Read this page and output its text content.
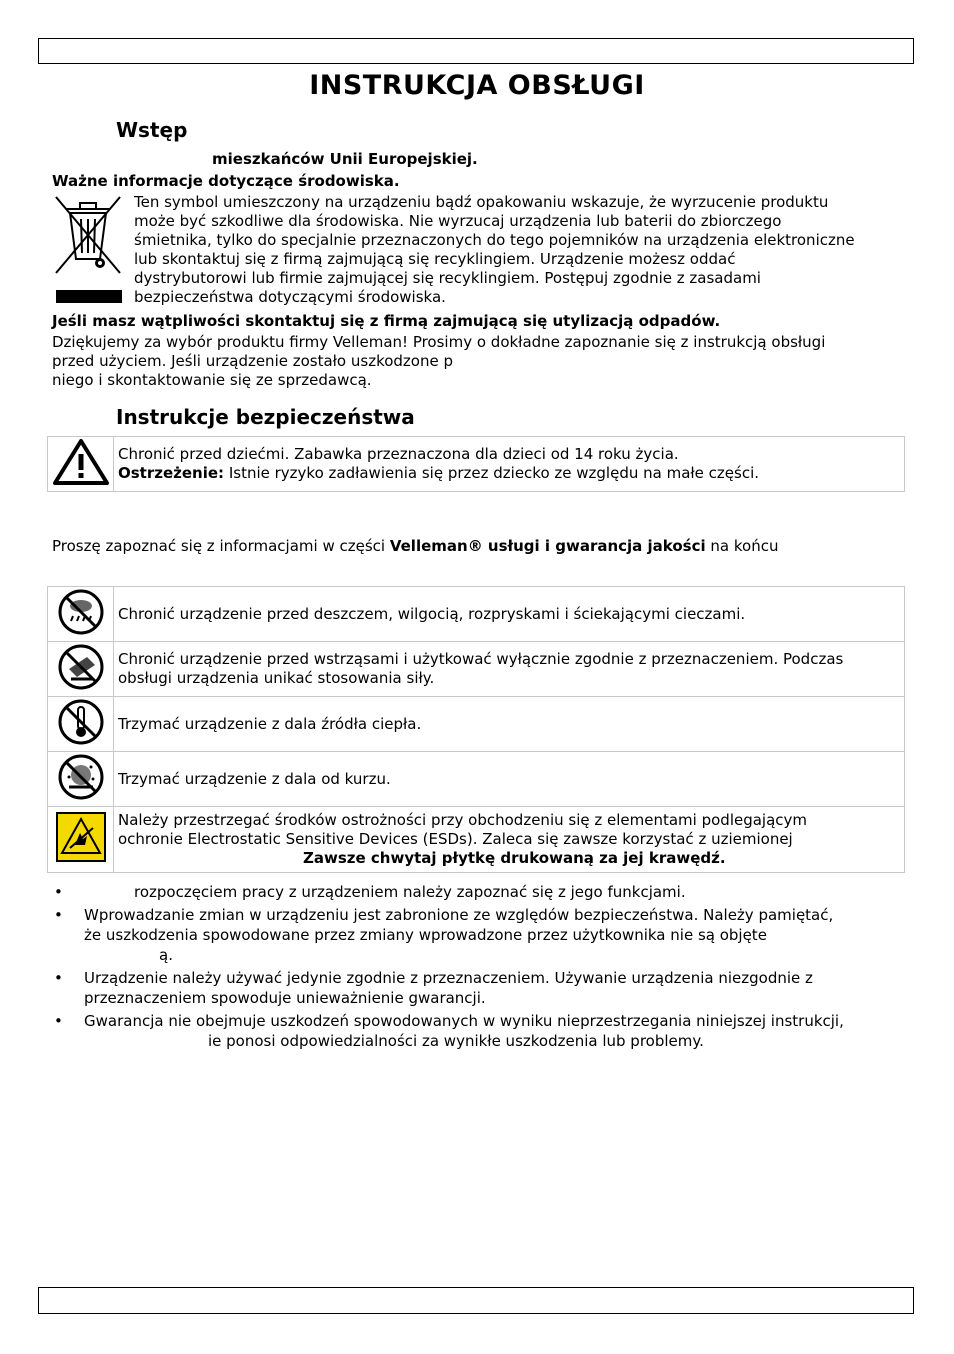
INSTRUKCJA OBSŁUGI
Wstęp
mieszkańców Unii Europejskiej.
Ważne informacje dotyczące środowiska.
Ten symbol umieszczony na urządzeniu bądź opakowaniu wskazuje, że wyrzucenie produktu
może być szkodliwe dla środowiska. Nie wyrzucaj urządzenia lub baterii do zbiorczego
śmietnika, tylko do specjalnie przeznaczonych do tego pojemników na urządzenia elektroniczne
lub skontaktuj się z firmą zajmującą się recyklingiem. Urządzenie możesz oddać
dystrybutorowi lub firmie zajmującej się recyklingiem. Postępuj zgodnie z zasadami
bezpieczeństwa dotyczącymi środowiska.
Jeśli masz wątpliwości skontaktuj się z firmą zajmującą się utylizacją odpadów.
Dziękujemy za wybór produktu firmy Velleman! Prosimy o dokładne zapoznanie się z instrukcją obsługi
przed użyciem. Jeśli urządzenie zostało uszkodzone p
niego i skontaktowanie się ze sprzedawcą.
Instrukcje bezpieczeństwa

Chronić przed dziećmi. Zabawka przeznaczona dla dzieci od 14 roku życia.
Ostrzeżenie: Istnie ryzyko zadławienia się przez dziecko ze względu na małe części.
Proszę zapoznać się z informacjami w części Velleman® usługi i gwarancja jakości na końcu

Chronić urządzenie przed deszczem, wilgocią, rozpryskami i ściekającymi cieczami.

Chronić urządzenie przed wstrząsami i użytkować wyłącznie zgodnie z przeznaczeniem. Podczas
obsługi urządzenia unikać stosowania siły.

Trzymać urządzenie z dala źródła ciepła.

Trzymać urządzenie z dala od kurzu.

Należy przestrzegać środków ostrożności przy obchodzeniu się z elementami podlegającym
ochronie Electrostatic Sensitive Devices (ESDs). Zaleca się zawsze korzystać z uziemionej
Zawsze chwytaj płytkę drukowaną za jej krawędź.
•	rozpoczęciem pracy z urządzeniem należy zapoznać się z jego funkcjami.
• Wprowadzanie zmian w urządzeniu jest zabronione ze względów bezpieczeństwa. Należy pamiętać,
że uszkodzenia spowodowane przez zmiany wprowadzone przez użytkownika nie są objęte
ą.
• Urządzenie należy używać jedynie zgodnie z przeznaczeniem. Używanie urządzenia niezgodnie z
przeznaczeniem spowoduje unieważnienie gwarancji.
• Gwarancja nie obejmuje uszkodzeń spowodowanych w wyniku nieprzestrzegania niniejszej instrukcji,
ie ponosi odpowiedzialności za wynikłe uszkodzenia lub problemy.
